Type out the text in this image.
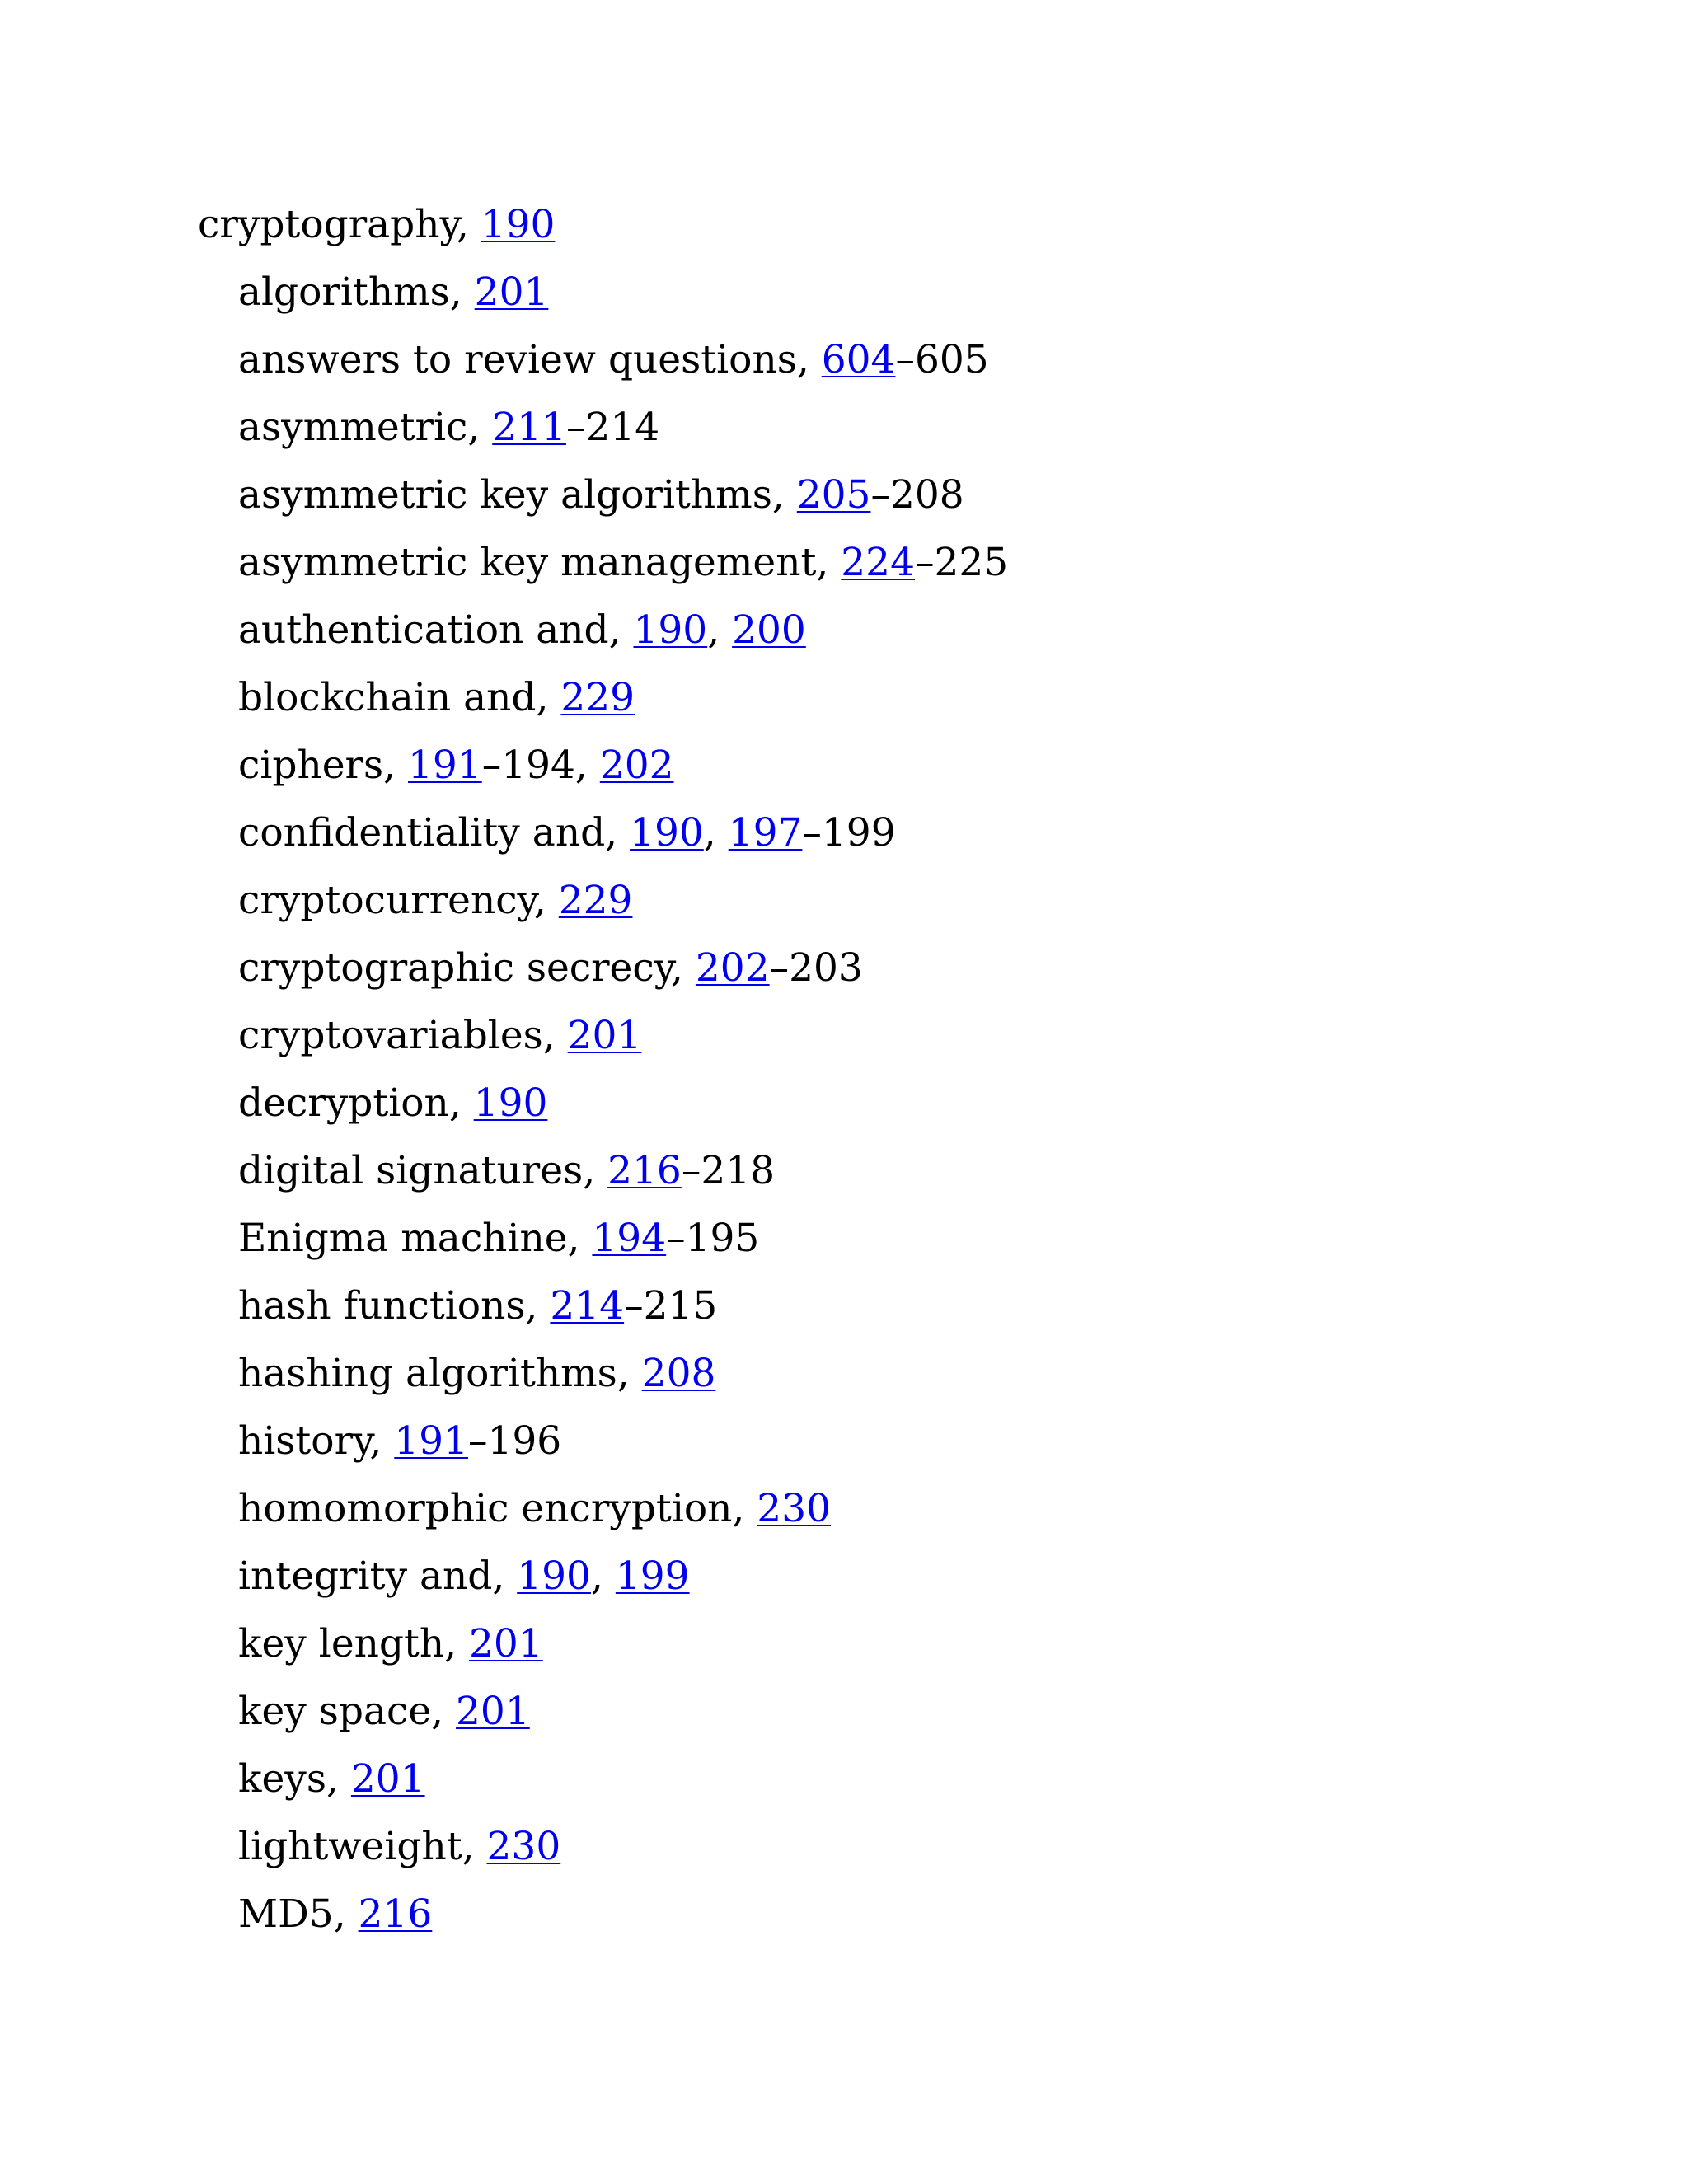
cryptography, 190
algorithms, 201
answers to review questions, 604–605
asymmetric, 211–214
asymmetric key algorithms, 205–208
asymmetric key management, 224–225
authentication and, 190, 200
blockchain and, 229
ciphers, 191–194, 202
confidentiality and, 190, 197–199
cryptocurrency, 229
cryptographic secrecy, 202–203
cryptovariables, 201
decryption, 190
digital signatures, 216–218
Enigma machine, 194–195
hash functions, 214–215
hashing algorithms, 208
history, 191–196
homomorphic encryption, 230
integrity and, 190, 199
key length, 201
key space, 201
keys, 201
lightweight, 230
MD5, 216
